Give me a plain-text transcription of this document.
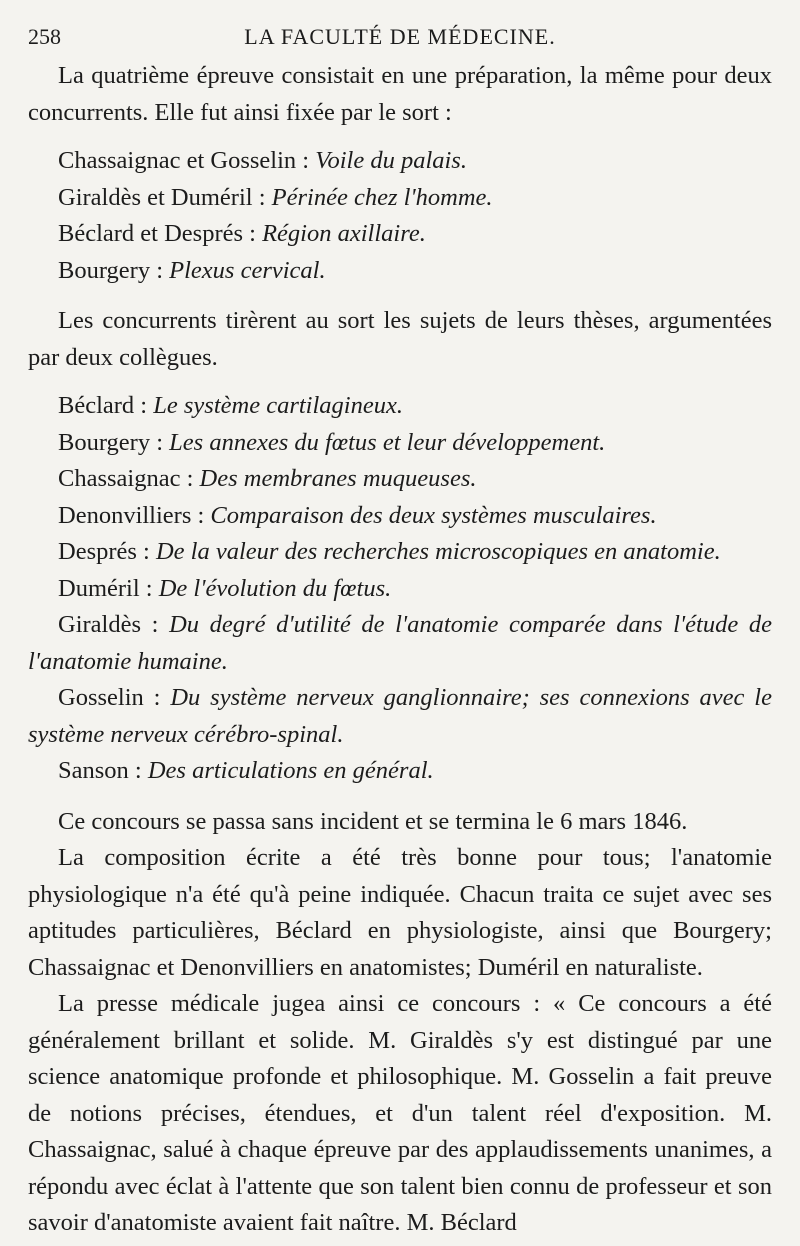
258	LA FACULTÉ DE MÉDECINE.

La quatrième épreuve consistait en une préparation, la même pour deux concurrents. Elle fut ainsi fixée par le sort :

Chassaignac et Gosselin : Voile du palais.

Giraldès et Duméril : Périnée chez l'homme.

Béclard et Després : Région axillaire.

Bourgery : Plexus cervical.

Les concurrents tirèrent au sort les sujets de leurs thèses, argumentées par deux collègues.

Béclard : Le système cartilagineux.

Bourgery : Les annexes du fœtus et leur développement.

Chassaignac : Des membranes muqueuses.

Denonvilliers : Comparaison des deux systèmes musculaires.

Després : De la valeur des recherches microscopiques en anatomie.

Duméril : De l'évolution du fœtus.

Giraldès : Du degré d'utilité de l'anatomie comparée dans l'étude de l'anatomie humaine.

Gosselin : Du système nerveux ganglionnaire; ses connexions avec le système nerveux cérébro-spinal.

Sanson : Des articulations en général.

Ce concours se passa sans incident et se termina le 6 mars 1846.

La composition écrite a été très bonne pour tous; l'anatomie physiologique n'a été qu'à peine indiquée. Chacun traita ce sujet avec ses aptitudes particulières, Béclard en physiologiste, ainsi que Bourgery; Chassaignac et Denonvilliers en anatomistes; Duméril en naturaliste.

La presse médicale jugea ainsi ce concours : « Ce concours a été généralement brillant et solide. M. Giraldès s'y est distingué par une science anatomique profonde et philosophique. M. Gosselin a fait preuve de notions précises, étendues, et d'un talent réel d'exposition. M. Chassaignac, salué à chaque épreuve par des applaudissements unanimes, a répondu avec éclat à l'attente que son talent bien connu de professeur et son savoir d'anatomiste avaient fait naître. M. Béclard
